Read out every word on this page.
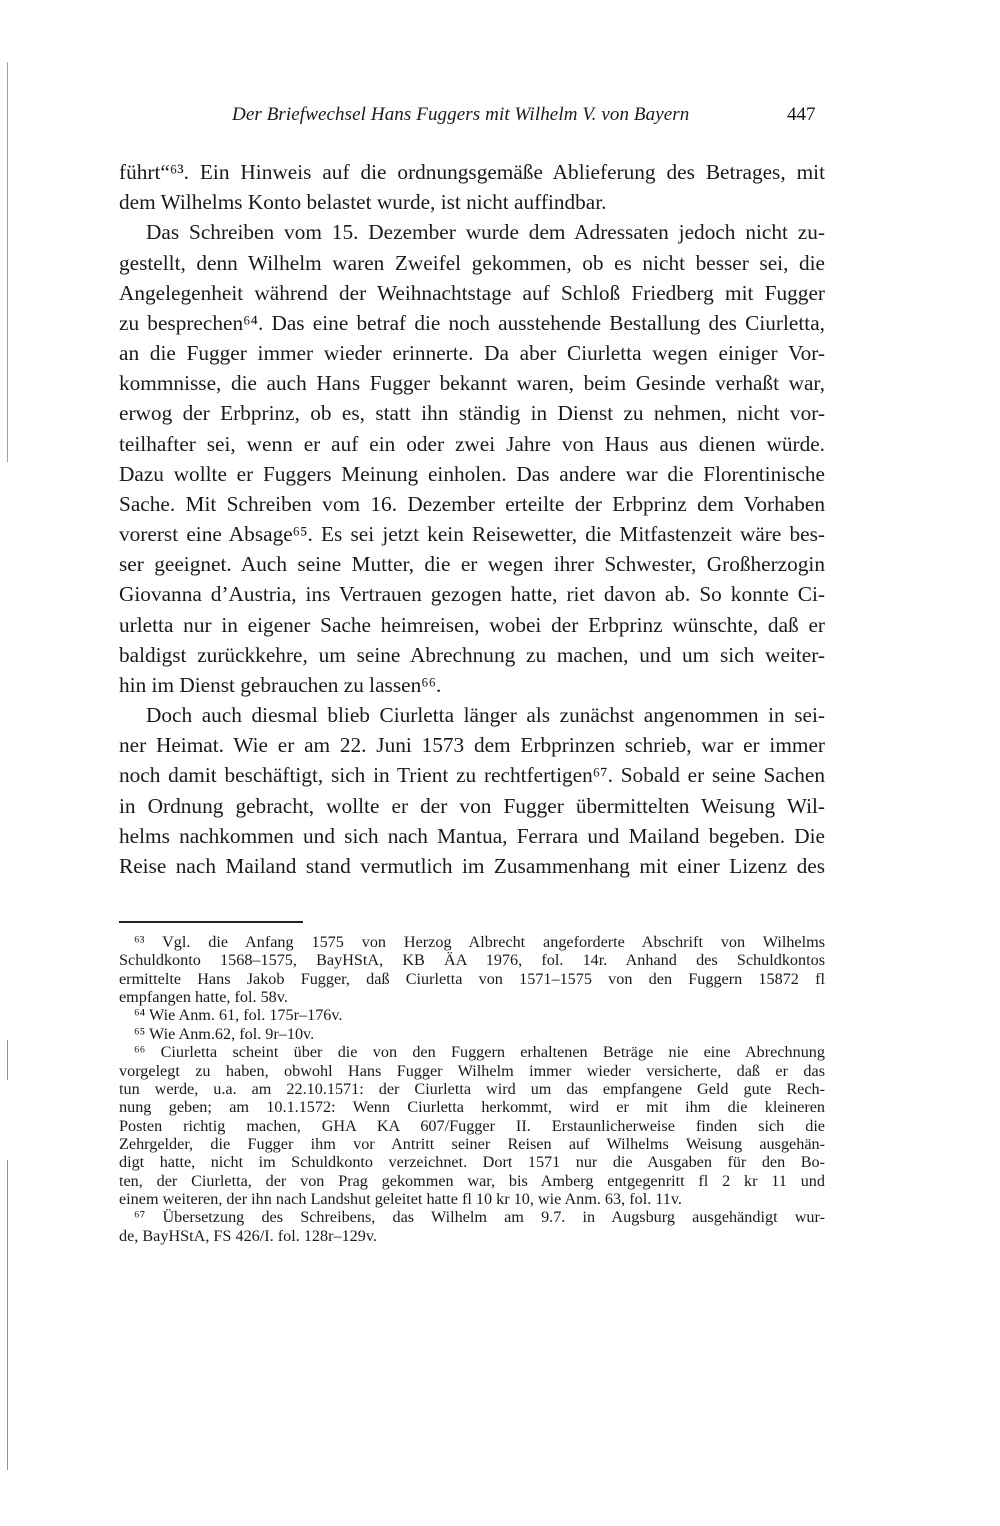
Der Briefwechsel Hans Fuggers mit Wilhelm V. von Bayern	447
führt“⁶³. Ein Hinweis auf die ordnungsgemäße Ablieferung des Betrages, mit
dem Wilhelms Konto belastet wurde, ist nicht auffindbar.
Das Schreiben vom 15. Dezember wurde dem Adressaten jedoch nicht zu-
gestellt, denn Wilhelm waren Zweifel gekommen, ob es nicht besser sei, die
Angelegenheit während der Weihnachtstage auf Schloß Friedberg mit Fugger
zu besprechen⁶⁴. Das eine betraf die noch ausstehende Bestallung des Ciurletta,
an die Fugger immer wieder erinnerte. Da aber Ciurletta wegen einiger Vor-
kommnisse, die auch Hans Fugger bekannt waren, beim Gesinde verhaßt war,
erwog der Erbprinz, ob es, statt ihn ständig in Dienst zu nehmen, nicht vor-
teilhafter sei, wenn er auf ein oder zwei Jahre von Haus aus dienen würde.
Dazu wollte er Fuggers Meinung einholen. Das andere war die Florentinische
Sache. Mit Schreiben vom 16. Dezember erteilte der Erbprinz dem Vorhaben
vorerst eine Absage⁶⁵. Es sei jetzt kein Reisewetter, die Mitfastenzeit wäre bes-
ser geeignet. Auch seine Mutter, die er wegen ihrer Schwester, Großherzogin
Giovanna d’Austria, ins Vertrauen gezogen hatte, riet davon ab. So konnte Ci-
urletta nur in eigener Sache heimreisen, wobei der Erbprinz wünschte, daß er
baldigst zurückkehre, um seine Abrechnung zu machen, und um sich weiter-
hin im Dienst gebrauchen zu lassen⁶⁶.
Doch auch diesmal blieb Ciurletta länger als zunächst angenommen in sei-
ner Heimat. Wie er am 22. Juni 1573 dem Erbprinzen schrieb, war er immer
noch damit beschäftigt, sich in Trient zu rechtfertigen⁶⁷. Sobald er seine Sachen
in Ordnung gebracht, wollte er der von Fugger übermittelten Weisung Wil-
helms nachkommen und sich nach Mantua, Ferrara und Mailand begeben. Die
Reise nach Mailand stand vermutlich im Zusammenhang mit einer Lizenz des
⁶³ Vgl. die Anfang 1575 von Herzog Albrecht angeforderte Abschrift von Wilhelms
Schuldkonto 1568–1575, BayHStA, KB ÄA 1976, fol. 14r. Anhand des Schuldkontos
ermittelte Hans Jakob Fugger, daß Ciurletta von 1571–1575 von den Fuggern 15872 fl
empfangen hatte, fol. 58v.
⁶⁴ Wie Anm. 61, fol. 175r–176v.
⁶⁵ Wie Anm.62, fol. 9r–10v.
⁶⁶ Ciurletta scheint über die von den Fuggern erhaltenen Beträge nie eine Abrechnung
vorgelegt zu haben, obwohl Hans Fugger Wilhelm immer wieder versicherte, daß er das
tun werde, u.a. am 22.10.1571: der Ciurletta wird um das empfangene Geld gute Rech-
nung geben; am 10.1.1572: Wenn Ciurletta herkommt, wird er mit ihm die kleineren
Posten richtig machen, GHA KA 607/Fugger II. Erstaunlicherweise finden sich die
Zehrgelder, die Fugger ihm vor Antritt seiner Reisen auf Wilhelms Weisung ausgehän-
digt hatte, nicht im Schuldkonto verzeichnet. Dort 1571 nur die Ausgaben für den Bo-
ten, der Ciurletta, der von Prag gekommen war, bis Amberg entgegenritt fl 2 kr 11 und
einem weiteren, der ihn nach Landshut geleitet hatte fl 10 kr 10, wie Anm. 63, fol. 11v.
⁶⁷ Übersetzung des Schreibens, das Wilhelm am 9.7. in Augsburg ausgehändigt wur-
de, BayHStA, FS 426/I. fol. 128r–129v.
